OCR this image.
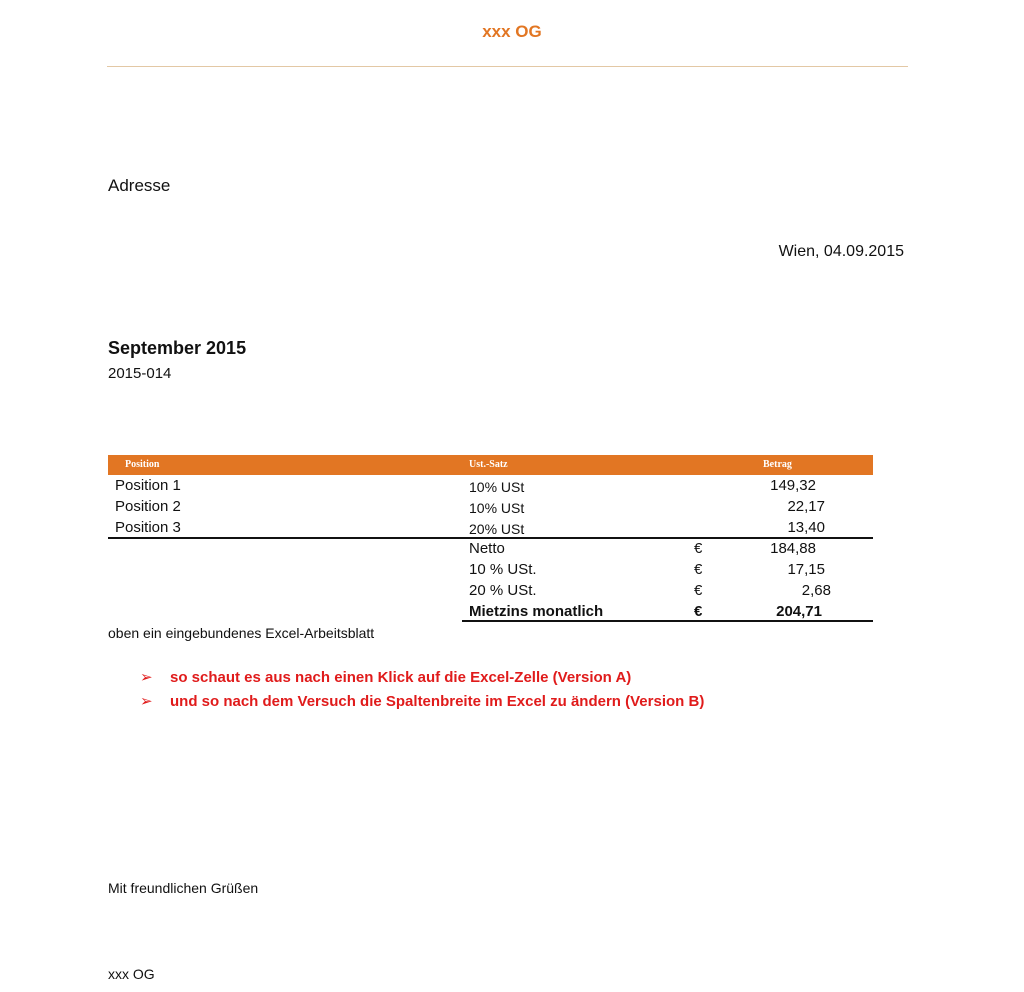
xxx OG
Adresse
Wien, 04.09.2015
September 2015
2015-014
Position	Ust.-Satz	Betrag
Position 1	10% USt	149,32
Position 2	10% USt	22,17
Position 3	20% USt	13,40
Netto	€	184,88
10 % USt.	€	17,15
20 % USt.	€	2,68
Mietzins monatlich	€	204,71
oben ein eingebundenes Excel-Arbeitsblatt
➢ so schaut es aus nach einen Klick auf die Excel-Zelle (Version A)
➢ und so nach dem Versuch die Spaltenbreite im Excel zu ändern (Version B)
Mit freundlichen Grüßen
xxx OG
